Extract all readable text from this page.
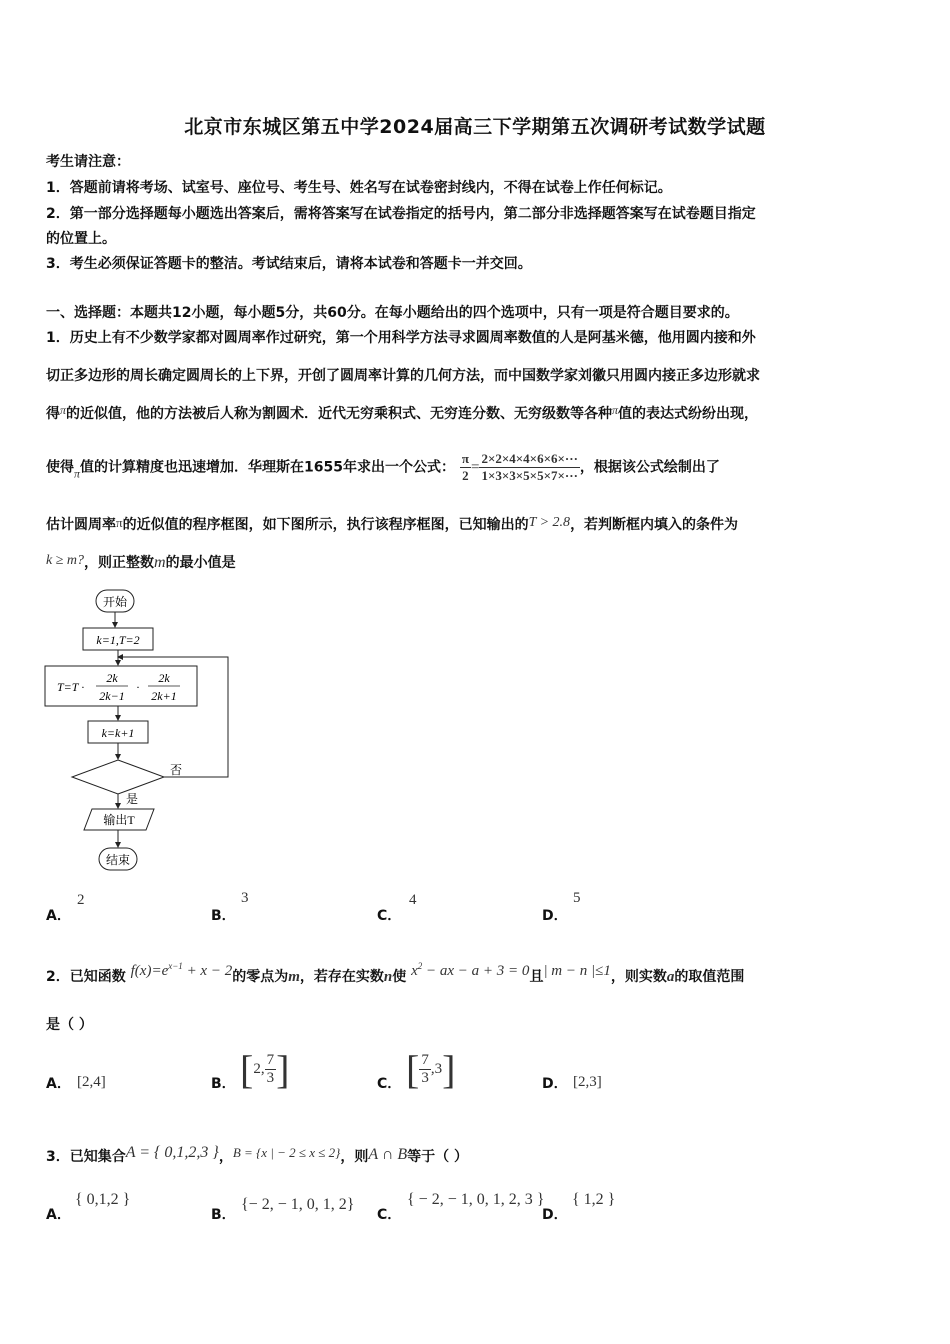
北京市东城区第五中学2024届高三下学期第五次调研考试数学试题
考生请注意：
1．答题前请将考场、试室号、座位号、考生号、姓名写在试卷密封线内，不得在试卷上作任何标记。
2．第一部分选择题每小题选出答案后，需将答案写在试卷指定的括号内，第二部分非选择题答案写在试卷题目指定
的位置上。
3．考生必须保证答题卡的整洁。考试结束后，请将本试卷和答题卡一并交回。
一、选择题：本题共12小题，每小题5分，共60分。在每小题给出的四个选项中，只有一项是符合题目要求的。
1．历史上有不少数学家都对圆周率作过研究，第一个用科学方法寻求圆周率数值的人是阿基米德，他用圆内接和外
切正多边形的周长确定圆周长的上下界，开创了圆周率计算的几何方法，而中国数学家刘徽只用圆内接正多边形就求
得π的近似值，他的方法被后人称为割圆术．近代无穷乘积式、无穷连分数、无穷级数等各种π值的表达式纷纷出现，
使得π值的计算精度也迅速增加．华理斯在1655年求出一个公式： $\frac{\pi}{2} = \frac{2\times 2\times 4\times 4\times 6\times 6\times\cdot\cdot\cdot}{1\times 3\times 3\times 5\times 5\times 7\times\cdot\cdot\cdot}$ ，根据该公式绘制出了
估计圆周率π的近似值的程序框图，如下图所示，执行该程序框图，已知输出的T > 2.8，若判断框内填入的条件为
k ≥ m?，则正整数m的最小值是
开始
k=1,T=2
T=T ·
2k
2k−1
·
2k
2k+1
k=k+1
否
是
输出T
结束
A．
2
B．
3
C．
4
D．
5
2．已知函数 $f(x)=e^{x-1} + x - 2$的零点为m，若存在实数n使 $x^2$ − ax − a + 3 = 0且| m − n |≤1，则实数a的取值范围
是（ ）
A． [2,4]	B． [2, $\frac{7}{3}$ ]	C． [ $\frac{7}{3} ,3$]	D． [2,3]
3．已知集合A = { 0,1,2,3 }，B = {x | − 2 ≤ x ≤ 2}，则A ∩ B等于（ ）
A．
{ 0,1,2 }
B．
{− 2, − 1, 0, 1, 2}
C．
{ − 2, − 1, 0, 1, 2, 3 }
D．
{ 1,2 }
